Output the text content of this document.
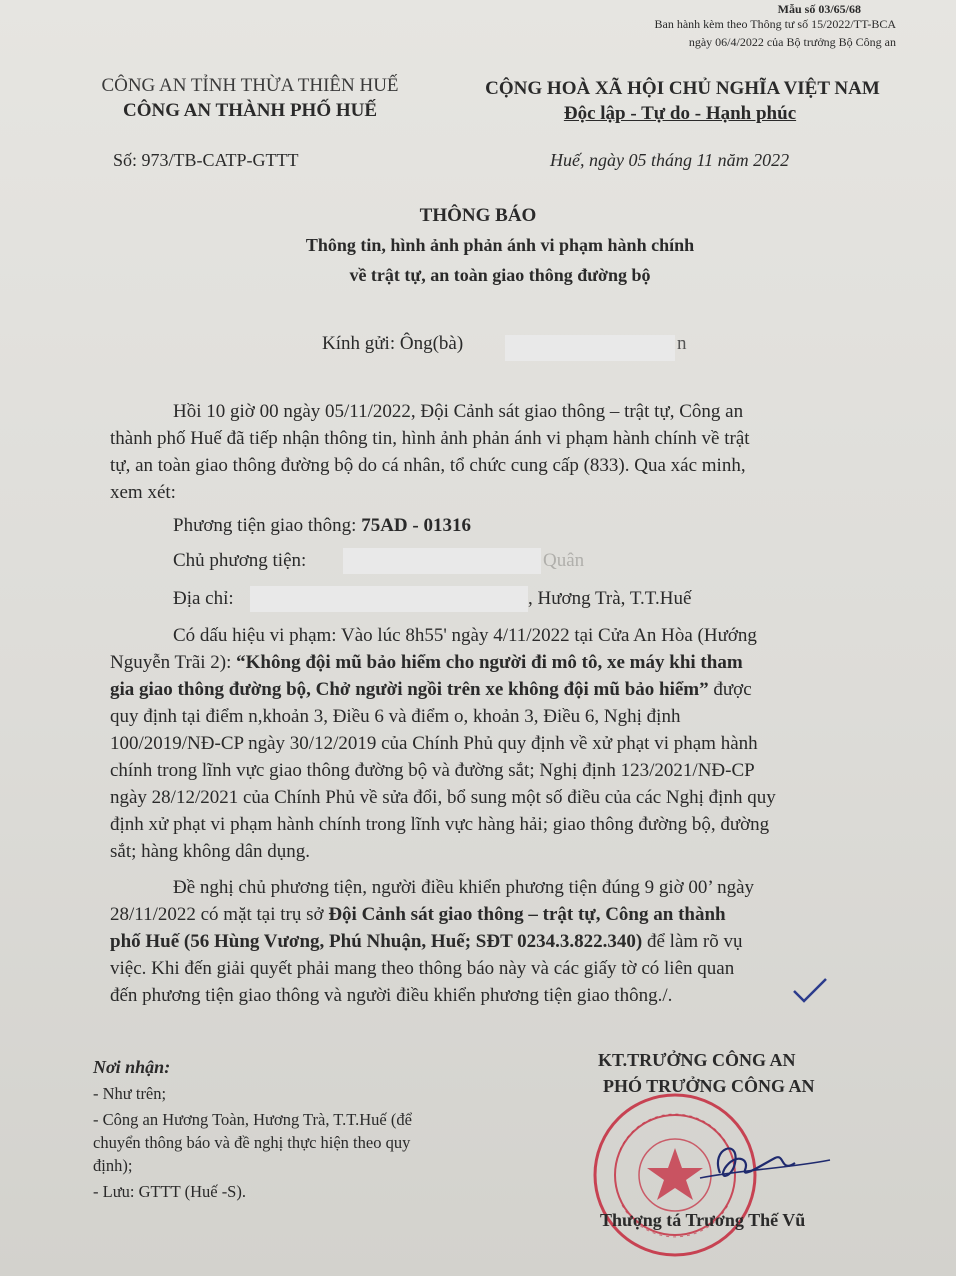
Mẫu số 03/65/68
Ban hành kèm theo Thông tư số 15/2022/TT-BCA
ngày 06/4/2022 của Bộ trưởng Bộ Công an
CÔNG AN TỈNH THỪA THIÊN HUẾ
CÔNG AN THÀNH PHỐ HUẾ
CỘNG HOÀ XÃ HỘI CHỦ NGHĨA VIỆT NAM
Độc lập - Tự do - Hạnh phúc
Số: 973/TB-CATP-GTTT	Huế, ngày 05 tháng 11 năm 2022
THÔNG BÁO
Thông tin, hình ảnh phản ánh vi phạm hành chính
về trật tự, an toàn giao thông đường bộ
Kính gửi: Ông(bà)	n
Hồi 10 giờ 00 ngày 05/11/2022, Đội Cảnh sát giao thông – trật tự, Công an
thành phố Huế đã tiếp nhận thông tin, hình ảnh phản ánh vi phạm hành chính về trật
tự, an toàn giao thông đường bộ do cá nhân, tổ chức cung cấp (833). Qua xác minh,
xem xét:
Phương tiện giao thông: 75AD - 01316
Chủ phương tiện:	Quân
Địa chỉ:	, Hương Trà, T.T.Huế
Có dấu hiệu vi phạm: Vào lúc 8h55' ngày 4/11/2022 tại Cửa An Hòa (Hướng
Nguyễn Trãi 2): “Không đội mũ bảo hiểm cho người đi mô tô, xe máy khi tham
gia giao thông đường bộ, Chở người ngồi trên xe không đội mũ bảo hiểm” được
quy định tại điểm n,khoản 3, Điều 6 và điểm o, khoản 3, Điều 6, Nghị định
100/2019/NĐ-CP ngày 30/12/2019 của Chính Phủ quy định về xử phạt vi phạm hành
chính trong lĩnh vực giao thông đường bộ và đường sắt; Nghị định 123/2021/NĐ-CP
ngày 28/12/2021 của Chính Phủ về sửa đổi, bổ sung một số điều của các Nghị định quy
định xử phạt vi phạm hành chính trong lĩnh vực hàng hải; giao thông đường bộ, đường
sắt; hàng không dân dụng.
Đề nghị chủ phương tiện, người điều khiển phương tiện đúng 9 giờ 00’ ngày
28/11/2022 có mặt tại trụ sở Đội Cảnh sát giao thông – trật tự, Công an thành
phố Huế (56 Hùng Vương, Phú Nhuận, Huế; SĐT 0234.3.822.340) để làm rõ vụ
việc. Khi đến giải quyết phải mang theo thông báo này và các giấy tờ có liên quan
đến phương tiện giao thông và người điều khiển phương tiện giao thông./.
Nơi nhận:
- Như trên;
- Công an Hương Toàn, Hương Trà, T.T.Huế (để
chuyển thông báo và đề nghị thực hiện theo quy
định);
- Lưu: GTTT (Huế -S).
KT.TRƯỞNG CÔNG AN
PHÓ TRƯỞNG CÔNG AN
Thượng tá Trương Thế Vũ
